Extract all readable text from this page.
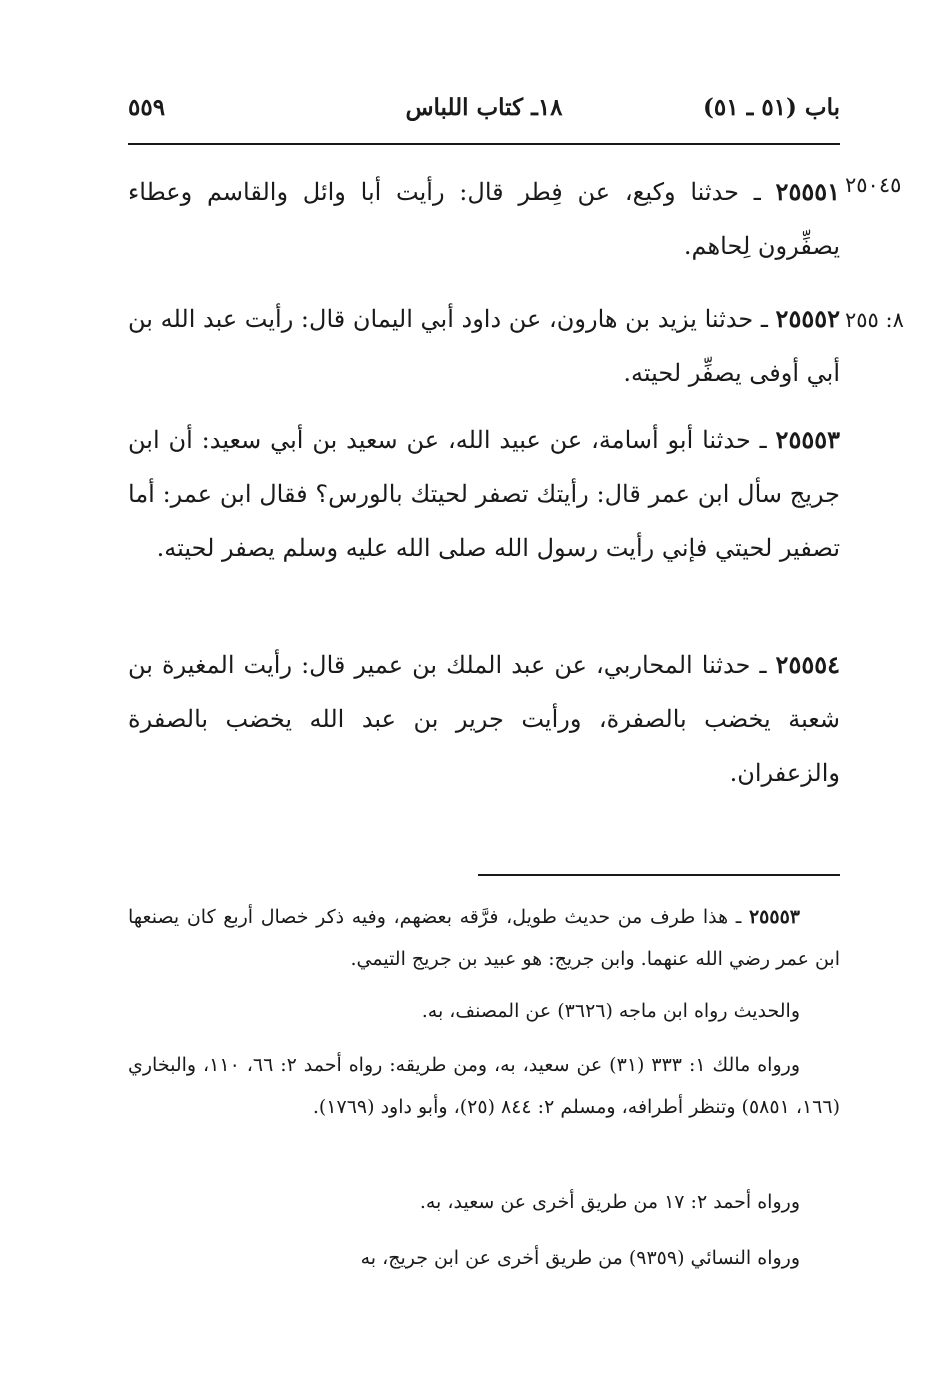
باب (٥١ ـ ٥١)
١٨ـ كتاب اللباس
٥٥٩
٢٥٠٤٥
٢٥٥٥١ ـ حدثنا وكيع، عن فِطر قال: رأيت أبا وائل والقاسم وعطاء يصفِّرون لِحاهم.
٨: ٢٥٥
٢٥٥٥٢ ـ حدثنا يزيد بن هارون، عن داود أبي اليمان قال: رأيت عبد الله بن أبي أوفى يصفِّر لحيته.
٢٥٥٥٣ ـ حدثنا أبو أسامة، عن عبيد الله، عن سعيد بن أبي سعيد: أن ابن جريج سأل ابن عمر قال: رأيتك تصفر لحيتك بالورس؟ فقال ابن عمر: أما تصفير لحيتي فإني رأيت رسول الله صلى الله عليه وسلم يصفر لحيته.
٢٥٥٥٤ ـ حدثنا المحاربي، عن عبد الملك بن عمير قال: رأيت المغيرة بن شعبة يخضب بالصفرة، ورأيت جرير بن عبد الله يخضب بالصفرة والزعفران.
٢٥٥٥٣ ـ هذا طرف من حديث طويل، فرَّقه بعضهم، وفيه ذكر خصال أربع كان يصنعها ابن عمر رضي الله عنهما. وابن جريج: هو عبيد بن جريج التيمي.
والحديث رواه ابن ماجه (٣٦٢٦) عن المصنف، به.
ورواه مالك ١: ٣٣٣ (٣١) عن سعيد، به، ومن طريقه: رواه أحمد ٢: ٦٦، ١١٠، والبخاري (١٦٦، ٥٨٥١) وتنظر أطرافه، ومسلم ٢: ٨٤٤ (٢٥)، وأبو داود (١٧٦٩).
ورواه أحمد ٢: ١٧ من طريق أخرى عن سعيد، به.
ورواه النسائي (٩٣٥٩) من طريق أخرى عن ابن جريج، به
